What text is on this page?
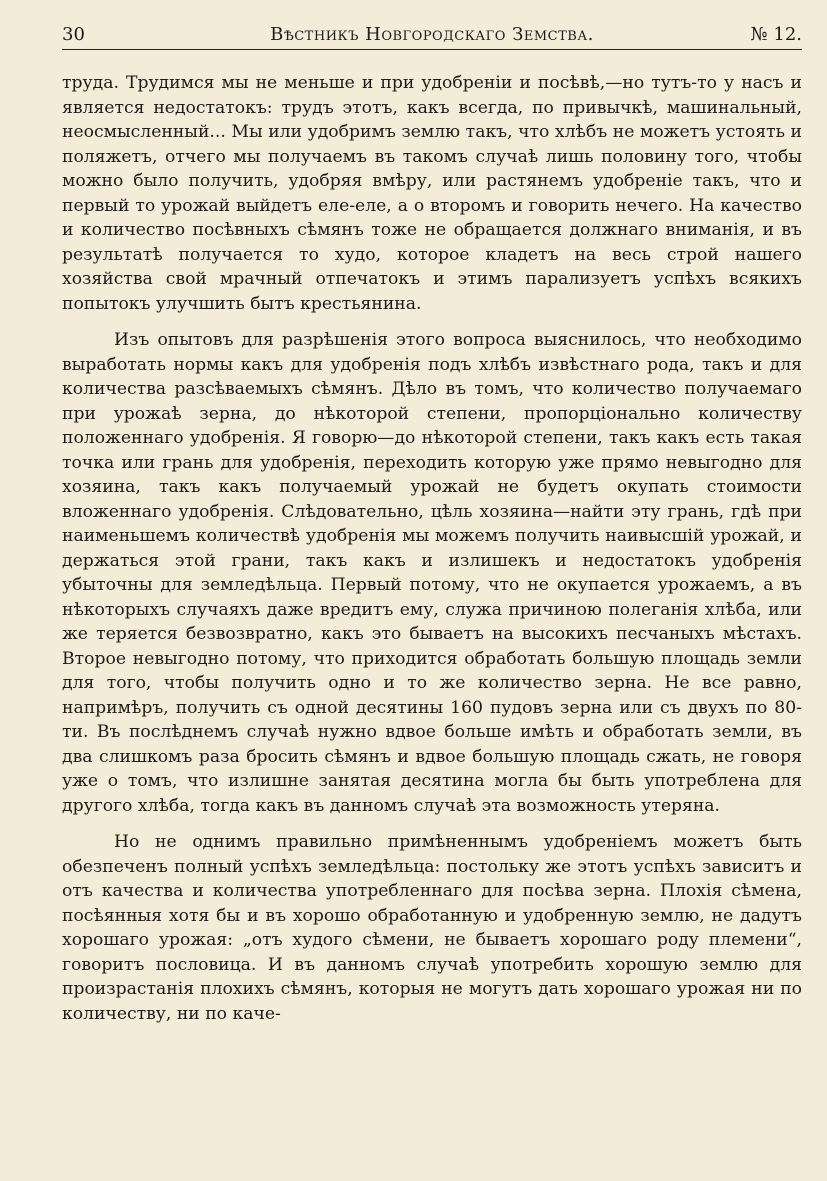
30	Вѣстникъ Новгородскаго Земства.	№ 12.

труда. Трудимся мы не меньше и при удобреніи и посѣвѣ,—но тутъ-то у насъ и является недостатокъ: трудъ этотъ, какъ всегда, по привычкѣ, машинальный, неосмысленный... Мы или удобримъ землю такъ, что хлѣбъ не можетъ устоять и поляжетъ, отчего мы получаемъ въ такомъ случаѣ лишь половину того, чтобы можно было получить, удобряя вмѣру, или растянемъ удобреніе такъ, что и первый то урожай выйдетъ еле-еле, а о второмъ и говорить нечего. На качество и количество посѣвныхъ сѣмянъ тоже не обращается должнаго вниманія, и въ результатѣ получается то худо, которое кладетъ на весь строй нашего хозяйства свой мрачный отпечатокъ и этимъ парализуетъ успѣхъ всякихъ попытокъ улучшить бытъ крестьянина.

Изъ опытовъ для разрѣшенія этого вопроса выяснилось, что необходимо выработать нормы какъ для удобренія подъ хлѣбъ извѣстнаго рода, такъ и для количества разсѣваемыхъ сѣмянъ. Дѣло въ томъ, что количество получаемаго при урожаѣ зерна, до нѣкоторой степени, пропорціонально количеству положеннаго удобренія. Я говорю—до нѣкоторой степени, такъ какъ есть такая точка или грань для удобренія, переходить которую уже прямо невыгодно для хозяина, такъ какъ получаемый урожай не будетъ окупать стоимости вложеннаго удобренія. Слѣдовательно, цѣль хозяина—найти эту грань, гдѣ при наименьшемъ количествѣ удобренія мы можемъ получить наивысшій урожай, и держаться этой грани, такъ какъ и излишекъ и недостатокъ удобренія убыточны для земледѣльца. Первый потому, что не окупается урожаемъ, а въ нѣкоторыхъ случаяхъ даже вредитъ ему, служа причиною полеганія хлѣба, или же теряется безвозвратно, какъ это бываетъ на высокихъ песчаныхъ мѣстахъ. Второе невыгодно потому, что приходится обработать большую площадь земли для того, чтобы получить одно и то же количество зерна. Не все равно, напримѣръ, получить съ одной десятины 160 пудовъ зерна или съ двухъ по 80-ти. Въ послѣднемъ случаѣ нужно вдвое больше имѣть и обработать земли, въ два слишкомъ раза бросить сѣмянъ и вдвое большую площадь сжать, не говоря уже о томъ, что излишне занятая десятина могла бы быть употреблена для другого хлѣба, тогда какъ въ данномъ случаѣ эта возможность утеряна.

Но не однимъ правильно примѣненнымъ удобреніемъ можетъ быть обезпеченъ полный успѣхъ земледѣльца: постольку же этотъ успѣхъ зависитъ и отъ качества и количества употребленнаго для посѣва зерна. Плохія сѣмена, посѣянныя хотя бы и въ хорошо обработанную и удобренную землю, не дадутъ хорошаго урожая: „отъ худого сѣмени, не бываетъ хорошаго роду племени“, говоритъ пословица. И въ данномъ случаѣ употребить хорошую землю для произрастанія плохихъ сѣмянъ, которыя не могутъ дать хорошаго урожая ни по количеству, ни по каче-
